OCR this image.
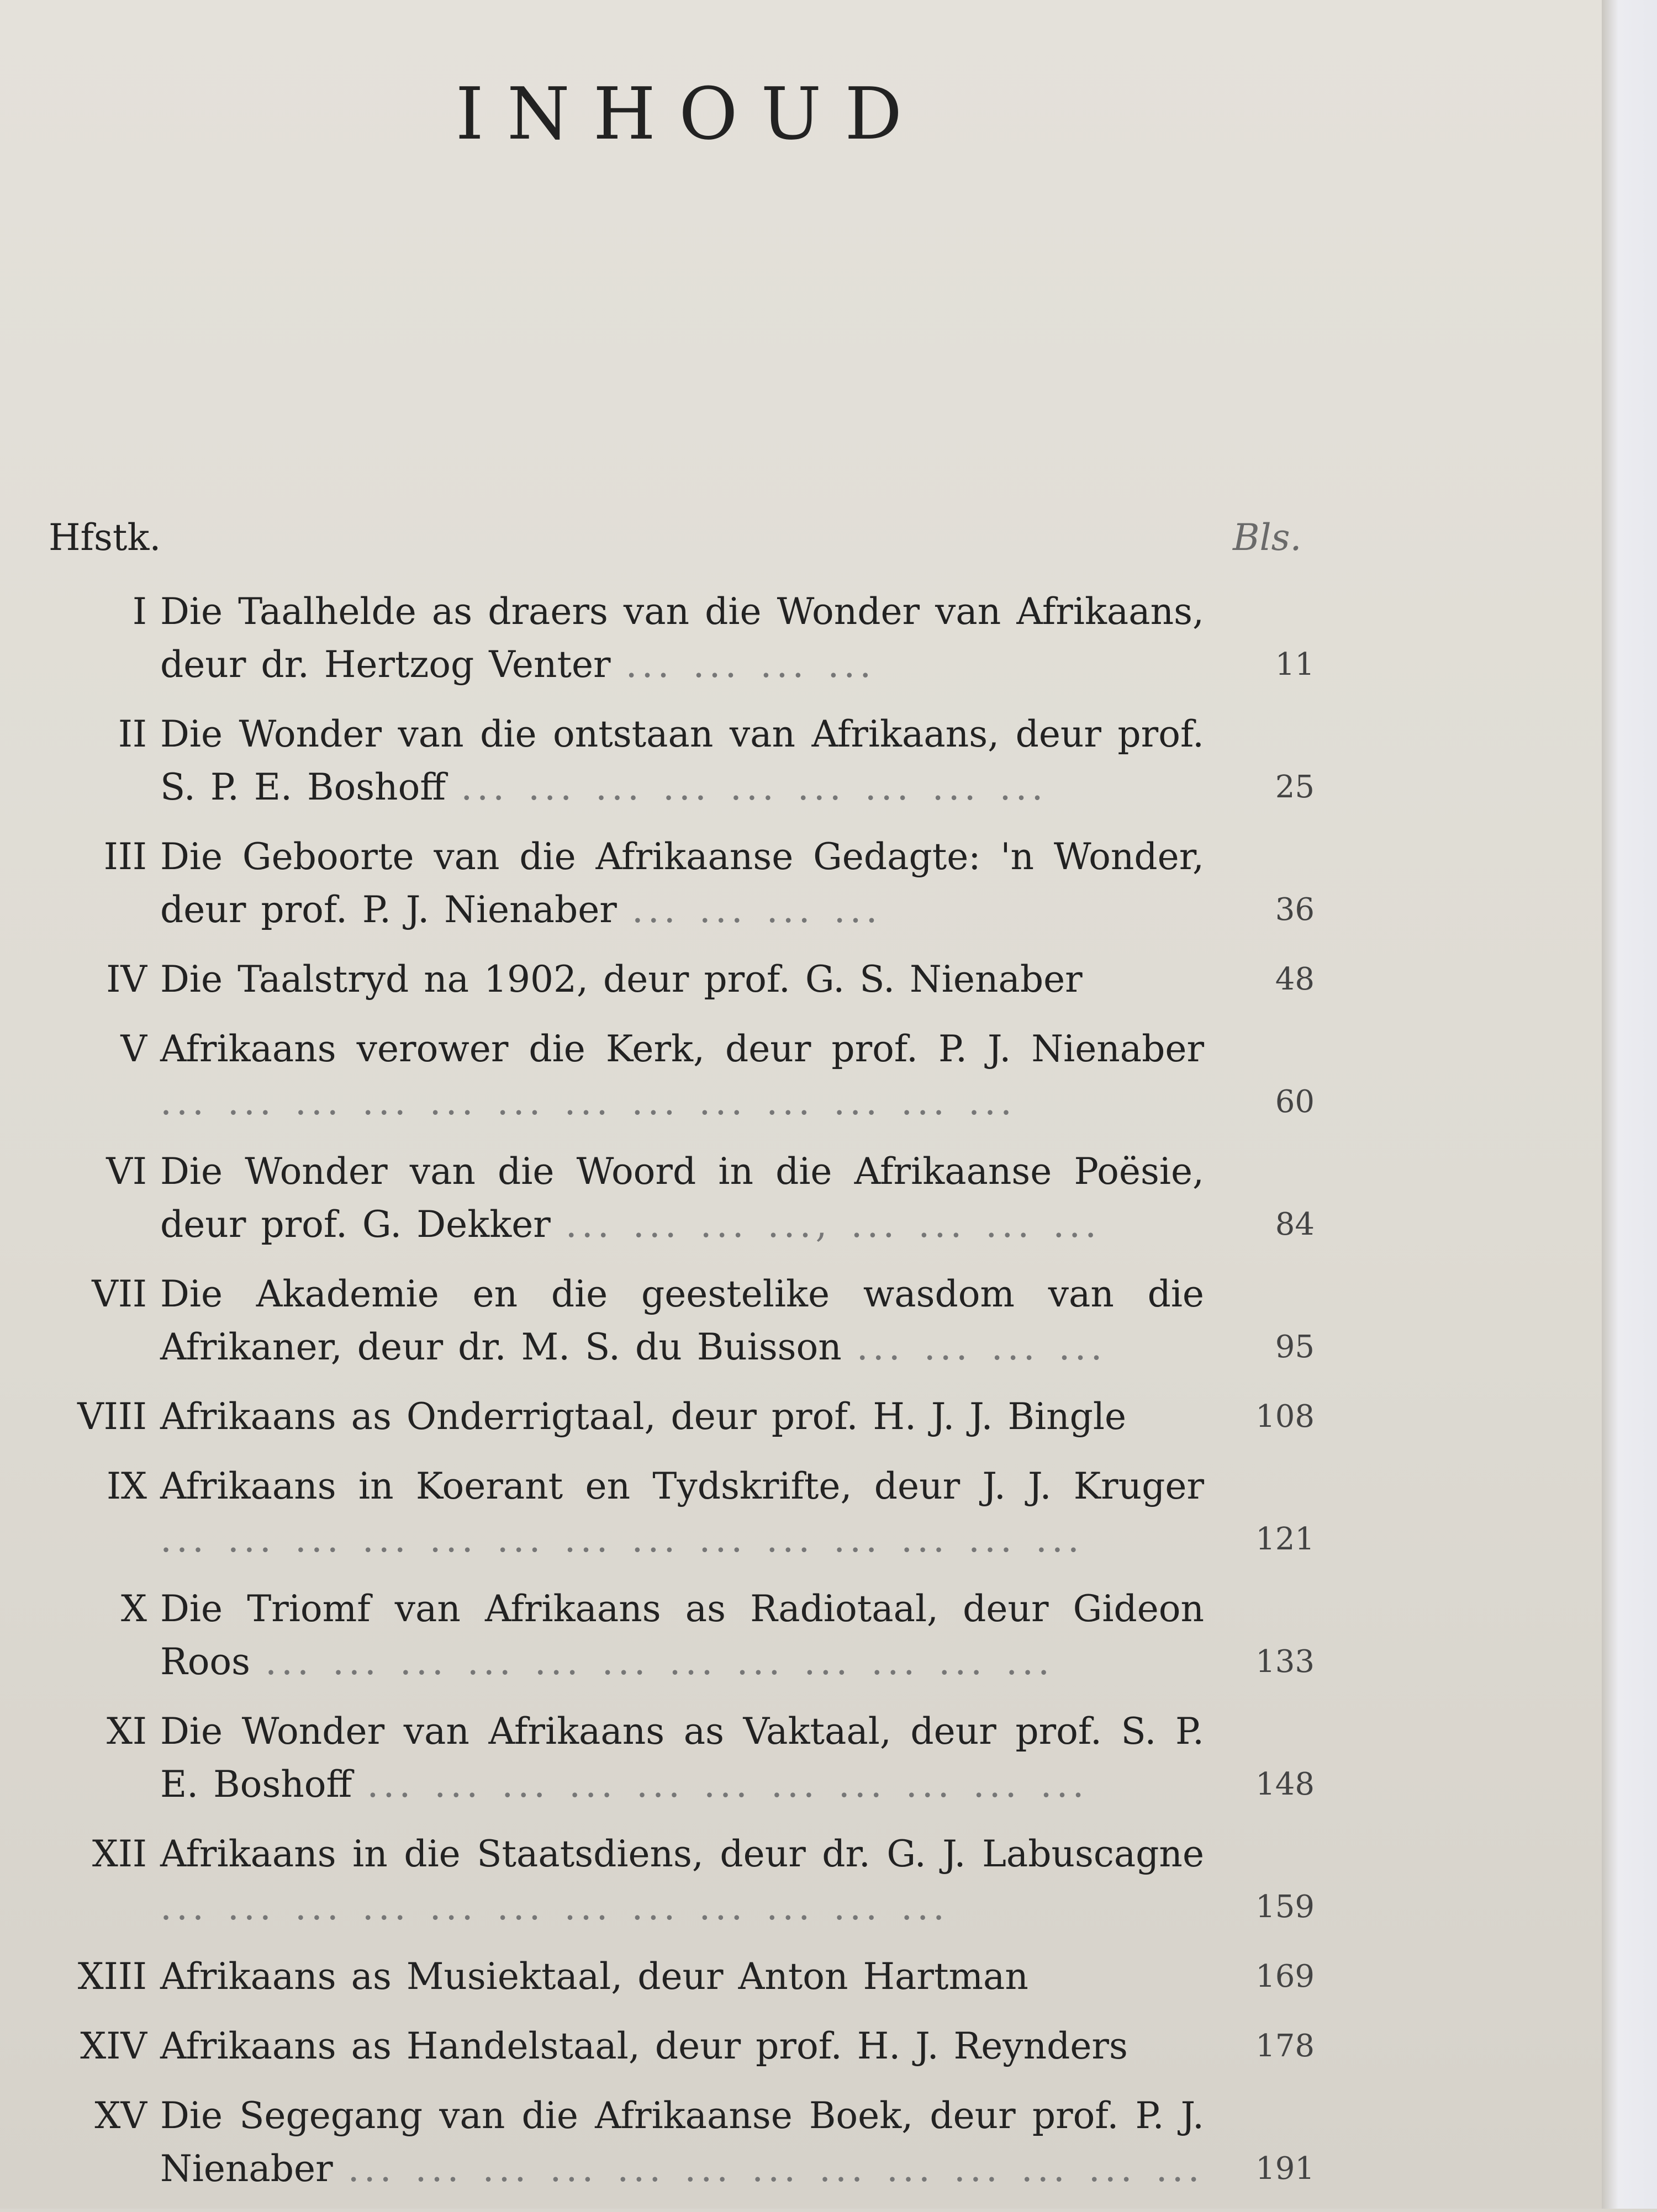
INHOUD
Hfstk.	Bls.
I Die Taalhelde as draers van die Wonder van Afrikaans, deur dr. Hertzog Venter ... ... ... ...	11
II Die Wonder van die ontstaan van Afrikaans, deur prof. S. P. E. Boshoff ... ... ... ... ... ... ... ... ...	25
III Die Geboorte van die Afrikaanse Gedagte: 'n Wonder, deur prof. P. J. Nienaber ... ... ... ...	36
IV Die Taalstryd na 1902, deur prof. G. S. Nienaber	48
V Afrikaans verower die Kerk, deur prof. P. J. Nienaber ... ... ... ... ... ... ... ... ... ... ... ... ...	60
VI Die Wonder van die Woord in die Afrikaanse Poësie, deur prof. G. Dekker ... ... ... ..., ... ... ... ...	84
VII Die Akademie en die geestelike wasdom van die Afrikaner, deur dr. M. S. du Buisson ... ... ... ...	95
VIII Afrikaans as Onderrigtaal, deur prof. H. J. J. Bingle	108
IX Afrikaans in Koerant en Tydskrifte, deur J. J. Kruger ... ... ... ... ... ... ... ... ... ... ... ... ... ...	121
X Die Triomf van Afrikaans as Radiotaal, deur Gideon Roos ... ... ... ... ... ... ... ... ... ... ... ...	133
XI Die Wonder van Afrikaans as Vaktaal, deur prof. S. P. E. Boshoff ... ... ... ... ... ... ... ... ... ... ...	148
XII Afrikaans in die Staatsdiens, deur dr. G. J. Labuscagne ... ... ... ... ... ... ... ... ... ... ... ...	159
XIII Afrikaans as Musiektaal, deur Anton Hartman	169
XIV Afrikaans as Handelstaal, deur prof. H. J. Reynders	178
XV Die Segegang van die Afrikaanse Boek, deur prof. P. J. Nienaber ... ... ... ... ... ... ... ... ... ... ... ... ...	191
